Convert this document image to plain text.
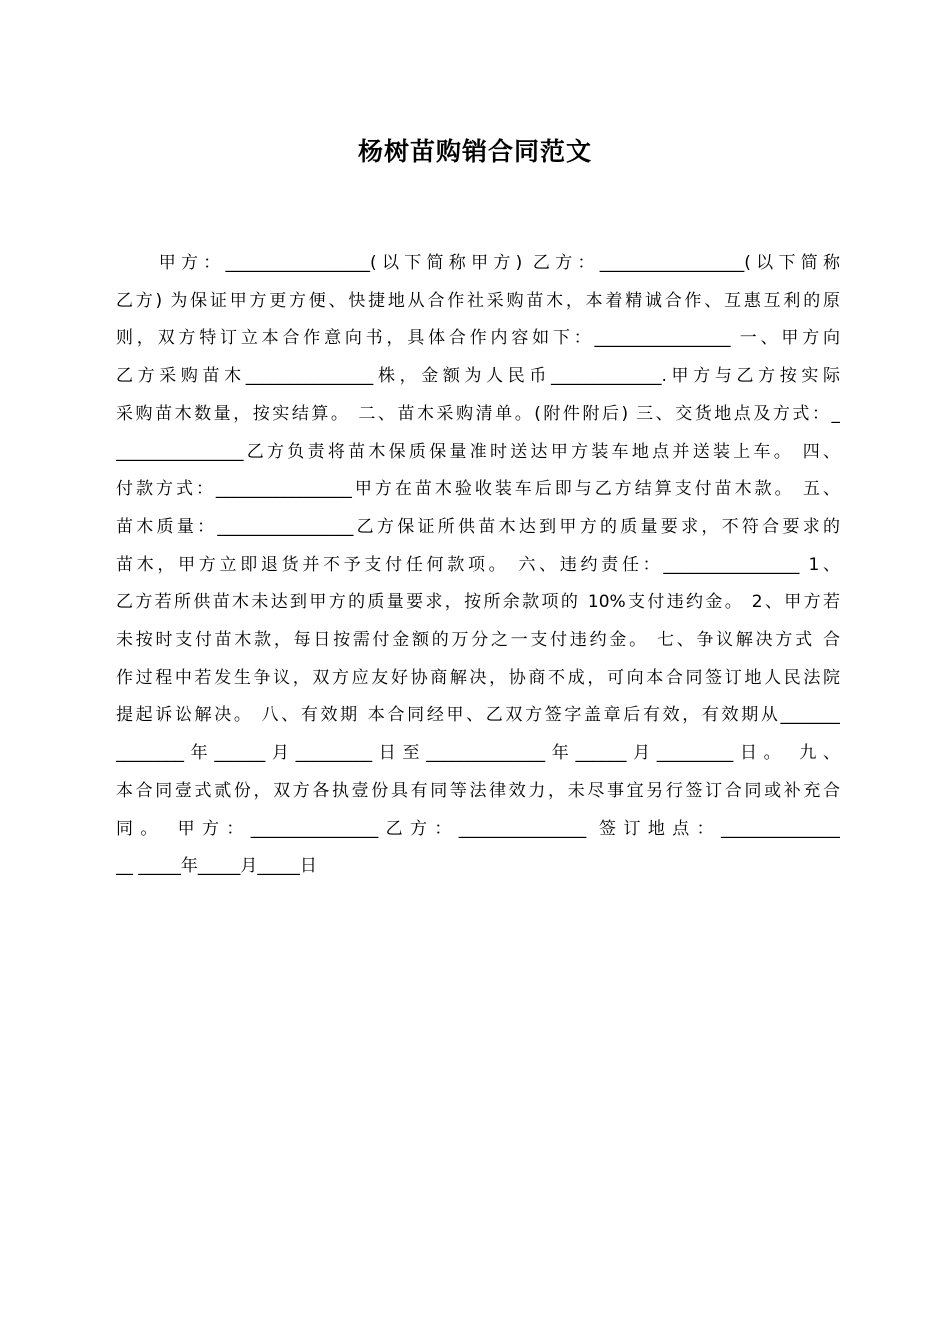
杨树苗购销合同范文
甲方：_________________(以下简称甲方) 乙方：_________________(以下简称
乙方) 为保证甲方更方便、快捷地从合作社采购苗木，本着精诚合作、互惠互利的原
则，双方特订立本合作意向书，具体合作内容如下：________________ 一、甲方向
乙方采购苗木_______________株，金额为人民币_____________.甲方与乙方按实际
采购苗木数量，按实结算。 二、苗木采购清单。(附件附后) 三、交货地点及方式：_
_______________乙方负责将苗木保质保量准时送达甲方装车地点并送装上车。 四、
付款方式：________________甲方在苗木验收装车后即与乙方结算支付苗木款。 五、
苗木质量：________________乙方保证所供苗木达到甲方的质量要求，不符合要求的
苗木，甲方立即退货并不予支付任何款项。 六、违约责任：________________ 1、
乙方若所供苗木未达到甲方的质量要求，按所余款项的 10%支付违约金。 2、甲方若
未按时支付苗木款，每日按需付金额的万分之一支付违约金。 七、争议解决方式 合
作过程中若发生争议，双方应友好协商解决，协商不成，可向本合同签订地人民法院
提起诉讼解决。 八、有效期 本合同经甲、乙双方签字盖章后有效，有效期从_______
________年______月_________日至______________年______月_________日。 九、
本合同壹式贰份，双方各执壹份具有同等法律效力，未尽事宜另行签订合同或补充合
同。 甲方：_______________乙方：_______________ 签订地点：______________
__ _____年_____月_____日
